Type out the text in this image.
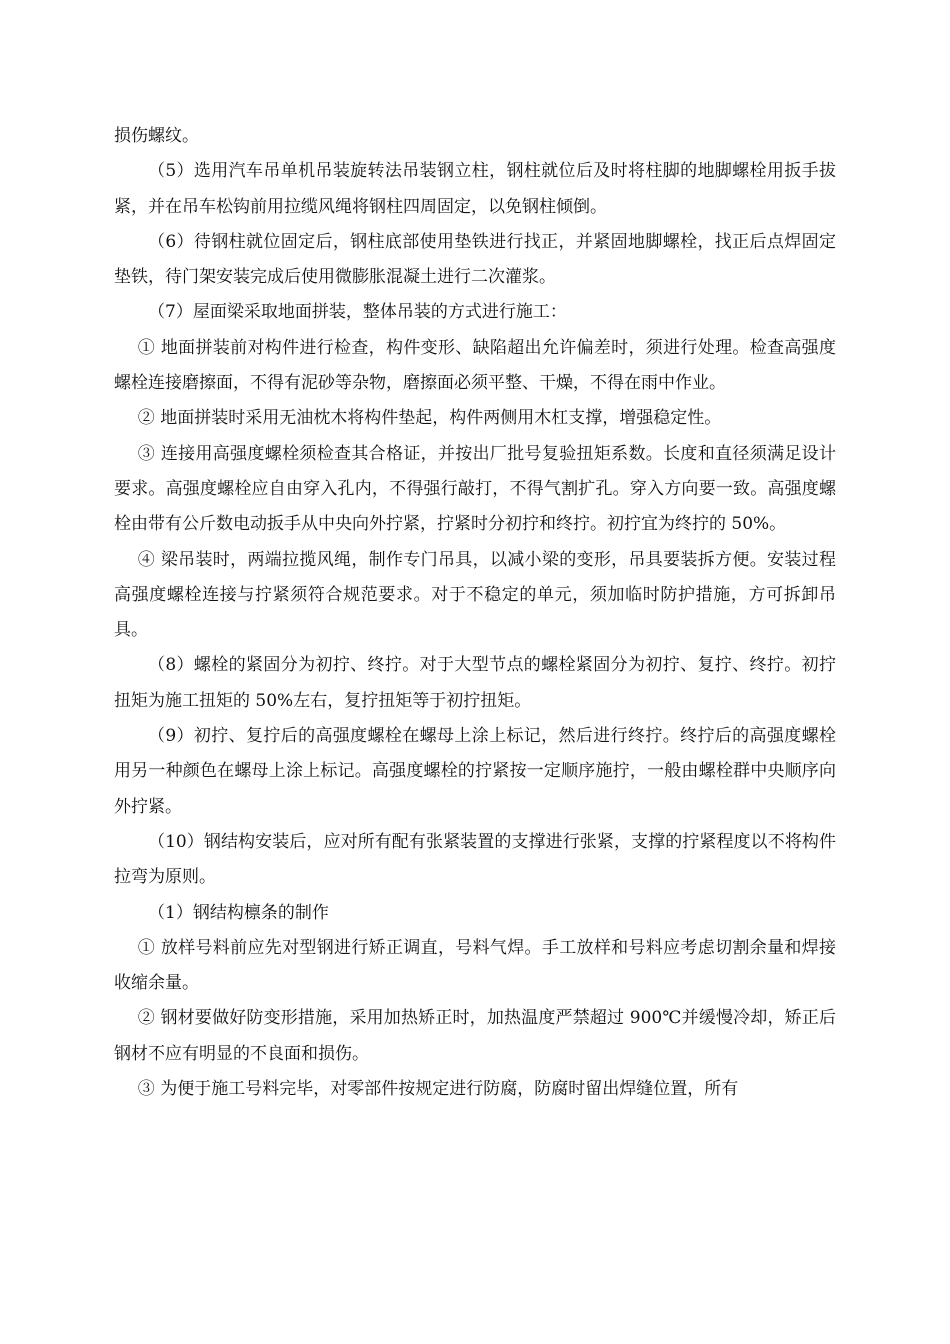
损伤螺纹。

（5）选用汽车吊单机吊装旋转法吊装钢立柱，钢柱就位后及时将柱脚的地脚螺栓用扳手拔紧，并在吊车松钩前用拉缆风绳将钢柱四周固定，以免钢柱倾倒。

（6）待钢柱就位固定后，钢柱底部使用垫铁进行找正，并紧固地脚螺栓，找正后点焊固定垫铁，待门架安装完成后使用微膨胀混凝土进行二次灌浆。

（7）屋面梁采取地面拼装，整体吊装的方式进行施工：

① 地面拼装前对构件进行检查，构件变形、缺陷超出允许偏差时，须进行处理。检查高强度螺栓连接磨擦面，不得有泥砂等杂物，磨擦面必须平整、干燥，不得在雨中作业。

② 地面拼装时采用无油枕木将构件垫起，构件两侧用木杠支撑，增强稳定性。

③ 连接用高强度螺栓须检查其合格证，并按出厂批号复验扭矩系数。长度和直径须满足设计要求。高强度螺栓应自由穿入孔内，不得强行敲打，不得气割扩孔。穿入方向要一致。高强度螺栓由带有公斤数电动扳手从中央向外拧紧，拧紧时分初拧和终拧。初拧宜为终拧的 50%。

④ 梁吊装时，两端拉揽风绳，制作专门吊具，以减小梁的变形，吊具要装拆方便。安装过程高强度螺栓连接与拧紧须符合规范要求。对于不稳定的单元，须加临时防护措施，方可拆卸吊具。

（8）螺栓的紧固分为初拧、终拧。对于大型节点的螺栓紧固分为初拧、复拧、终拧。初拧扭矩为施工扭矩的 50%左右，复拧扭矩等于初拧扭矩。

（9）初拧、复拧后的高强度螺栓在螺母上涂上标记，然后进行终拧。终拧后的高强度螺栓用另一种颜色在螺母上涂上标记。高强度螺栓的拧紧按一定顺序施拧，一般由螺栓群中央顺序向外拧紧。

（10）钢结构安装后，应对所有配有张紧装置的支撑进行张紧，支撑的拧紧程度以不将构件拉弯为原则。

（1）钢结构檩条的制作

① 放样号料前应先对型钢进行矫正调直，号料气焊。手工放样和号料应考虑切割余量和焊接收缩余量。

② 钢材要做好防变形措施，采用加热矫正时，加热温度严禁超过 900℃并缓慢冷却，矫正后钢材不应有明显的不良面和损伤。

③ 为便于施工号料完毕，对零部件按规定进行防腐，防腐时留出焊缝位置，所有
